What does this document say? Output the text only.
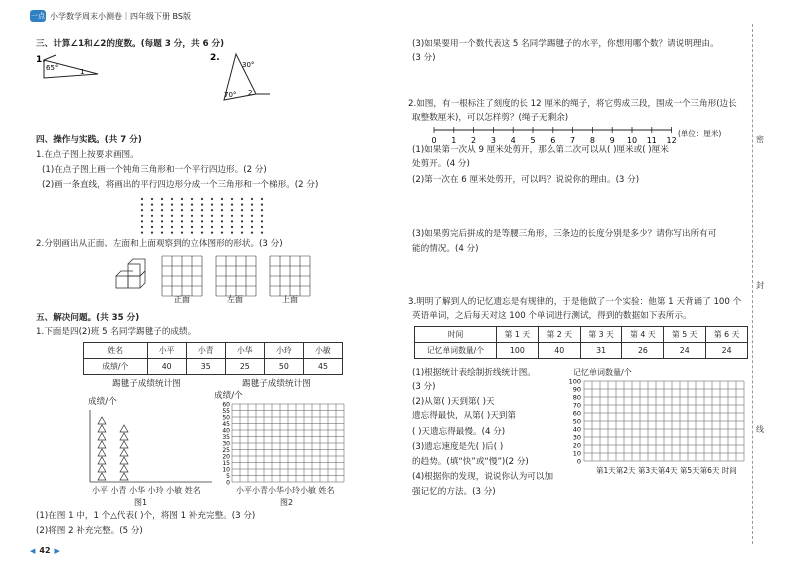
一点 小学数学周末小测卷｜四年级下册 BS版
三、计算∠1和∠2的度数。(每题 3 分，共 6 分)
1.
65°	1
2.
30°
70° 2
四、操作与实践。(共 7 分)
1.在点子图上按要求画图。
(1)在点子图上画一个钝角三角形和一个平行四边形。(2 分)
(2)画一条直线，将画出的平行四边形分成一个三角形和一个梯形。(2 分)
2.分别画出从正面、左面和上面观察到的立体图形的形状。(3 分)
正面	左面	上面
五、解决问题。(共 35 分)
1.下面是四(2)班 5 名同学踢毽子的成绩。
姓名	小平	小青	小华	小玲	小敏
成绩/个	40	35	25	50	45
踢毽子成绩统计图
成绩/个
小平 小青 小华 小玲 小敏 姓名
图1
踢毽子成绩统计图
成绩/个
60
55
50
45
40
35
30
25
20
15
10
5
0
小平小青小华小玲小敏 姓名
图2
(1)在图 1 中，1 个△代表( )个，将图 1 补充完整。(3 分)
(2)将图 2 补充完整。(5 分)
◀ 42 ▶
(3)如果要用一个数代表这 5 名同学踢毽子的水平，你想用哪个数？请说明理由。
(3 分)
2.如图，有一根标注了刻度的长 12 厘米的绳子，将它剪成三段，围成一个三角形(边长
取整数厘米)，可以怎样剪？(绳子无剩余)
0 1 2 3 4 5 6 7 8 9 10 11 12
(单位：厘米)
(1)如果第一次从 9 厘米处剪开，那么第二次可以从( )厘米或( )厘米
处剪开。(4 分)
(2)第一次在 6 厘米处剪开，可以吗？说说你的理由。(3 分)
(3)如果剪完后拼成的是等腰三角形，三条边的长度分别是多少？请你写出所有可
能的情况。(4 分)
3.明明了解到人的记忆遗忘是有规律的，于是他做了一个实验：他第 1 天背诵了 100 个
英语单词，之后每天对这 100 个单词进行测试，得到的数据如下表所示。
时间	第 1 天	第 2 天	第 3 天	第 4 天	第 5 天	第 6 天
记忆单词数量/个	100	40	31	26	24	24
(1)根据统计表绘制折线统计图。
(3 分)
(2)从第( )天到第( )天
遗忘得最快，从第( )天到第
( )天遗忘得最慢。(4 分)
(3)遗忘速度是先( )后( )
的趋势。(填“快”或“慢”)(2 分)
(4)根据你的发现，说说你认为可以加
强记忆的方法。(3 分)
记忆单词数量/个
100
90
80
70
60
50
40
30
20
10
0
第1天第2天 第3天第4天 第5天第6天 时间
密
封
线
